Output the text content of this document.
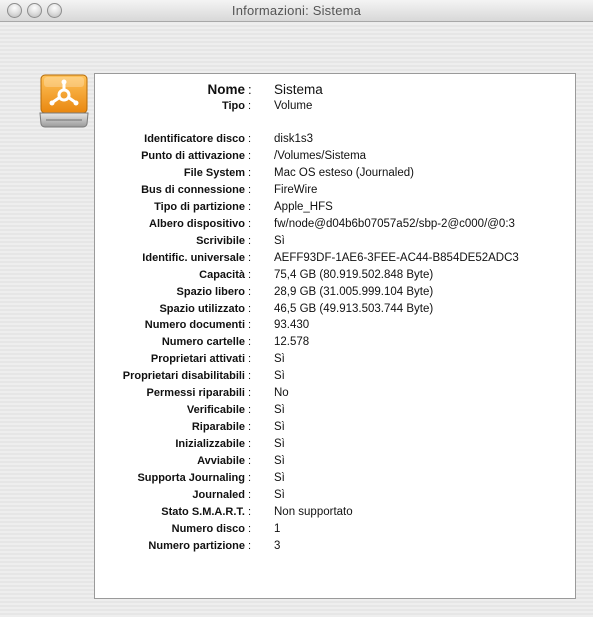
Informazioni: Sistema
Nome : Sistema
Tipo : Volume
Identificatore disco : disk1s3
Punto di attivazione : /Volumes/Sistema
File System : Mac OS esteso (Journaled)
Bus di connessione : FireWire
Tipo di partizione : Apple_HFS
Albero dispositivo : fw/node@d04b6b07057a52/sbp-2@c000/@0:3
Scrivibile : Sì
Identific. universale : AEFF93DF-1AE6-3FEE-AC44-B854DE52ADC3
Capacità : 75,4 GB (80.919.502.848 Byte)
Spazio libero : 28,9 GB (31.005.999.104 Byte)
Spazio utilizzato : 46,5 GB (49.913.503.744 Byte)
Numero documenti : 93.430
Numero cartelle : 12.578
Proprietari attivati : Sì
Proprietari disabilitabili : Sì
Permessi riparabili : No
Verificabile : Sì
Riparabile : Sì
Inizializzabile : Sì
Avviabile : Sì
Supporta Journaling : Sì
Journaled : Sì
Stato S.M.A.R.T. : Non supportato
Numero disco : 1
Numero partizione : 3
